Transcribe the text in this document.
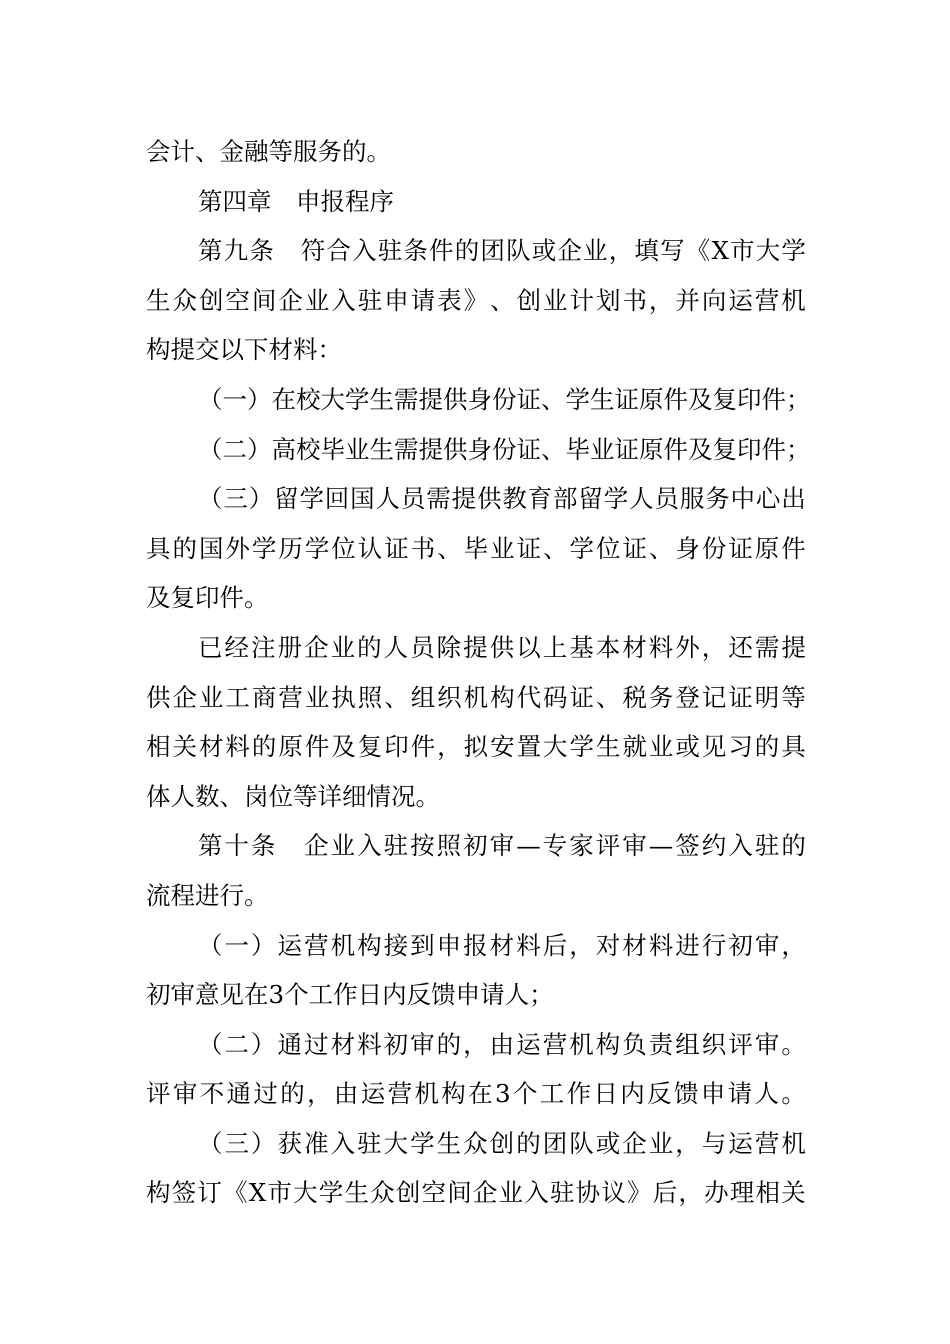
会计、金融等服务的。
第四章　申报程序
第 九 条
　 符 合 入 驻 条 件 的 团 队 或 企 业 ， 填 写 《 X 市 大 学
生 众 创 空 间 企 业 入 驻 申 请 表 》 、 创 业 计 划 书 ， 并 向 运 营 机
构提交以下材料：
（ 一 ） 在 校 大 学 生 需 提 供 身 份 证 、 学 生 证 原 件 及 复 印 件 ；
（ 二 ） 高 校 毕 业 生 需 提 供 身 份 证 、 毕 业 证 原 件 及 复 印 件 ；
（ 三 ） 留 学 回 国 人 员 需 提 供 教 育 部 留 学 人 员 服 务 中 心 出
具 的 国 外 学 历 学 位 认 证 书 、 毕 业 证 、 学 位 证 、 身 份 证 原 件
及复印件。
已 经 注 册 企 业 的 人 员 除 提 供 以 上 基 本 材 料 外 ， 还 需 提
供 企 业 工 商 营 业 执 照 、 组 织 机 构 代 码 证 、 税 务 登 记 证 明 等
相 关 材 料 的 原 件 及 复 印 件 ， 拟 安 置 大 学 生 就 业 或 见 习 的 具
体人数、岗位等详细情况。
第 十 条
　 企 业 入 驻 按 照 初 审 — 专 家 评 审 — 签 约 入 驻 的
流程进行。
（ 一 ） 运 营 机 构 接 到 申 报 材 料 后 ， 对 材 料 进 行 初 审 ，
初审意见在3个工作日内反馈申请人；
（ 二 ） 通 过 材 料 初 审 的 ， 由 运 营 机 构 负 责 组 织 评 审 。
评 审 不 通 过 的 ， 由 运 营 机 构 在 3 个 工 作 日 内 反 馈 申 请 人 。
（ 三 ） 获 准 入 驻 大 学 生 众 创 的 团 队 或 企 业 ， 与 运 营 机
构 签 订 《 X 市 大 学 生 众 创 空 间 企 业 入 驻 协 议 》 后 ， 办 理 相 关
